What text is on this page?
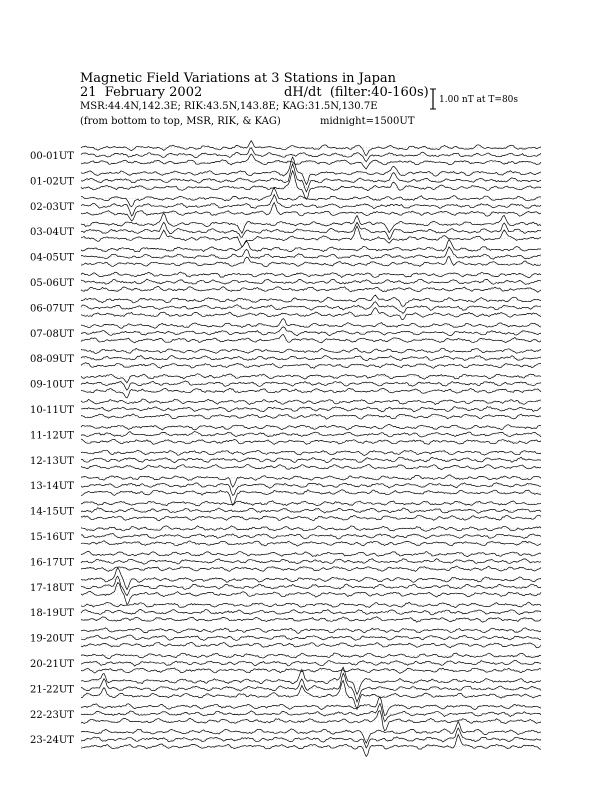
Magnetic Field Variations at 3 Stations in Japan
21  February 2002	dH/dt  (filter:40-160s)
MSR:44.4N,142.3E; RIK:43.5N,143.8E; KAG:31.5N,130.7E
(from bottom to top, MSR, RIK, & KAG)	midnight=1500UT
1.00 nT at T=80s
00-01UT
01-02UT
02-03UT
03-04UT
04-05UT
05-06UT
06-07UT
07-08UT
08-09UT
09-10UT
10-11UT
11-12UT
12-13UT
13-14UT
14-15UT
15-16UT
16-17UT
17-18UT
18-19UT
19-20UT
20-21UT
21-22UT
22-23UT
23-24UT
